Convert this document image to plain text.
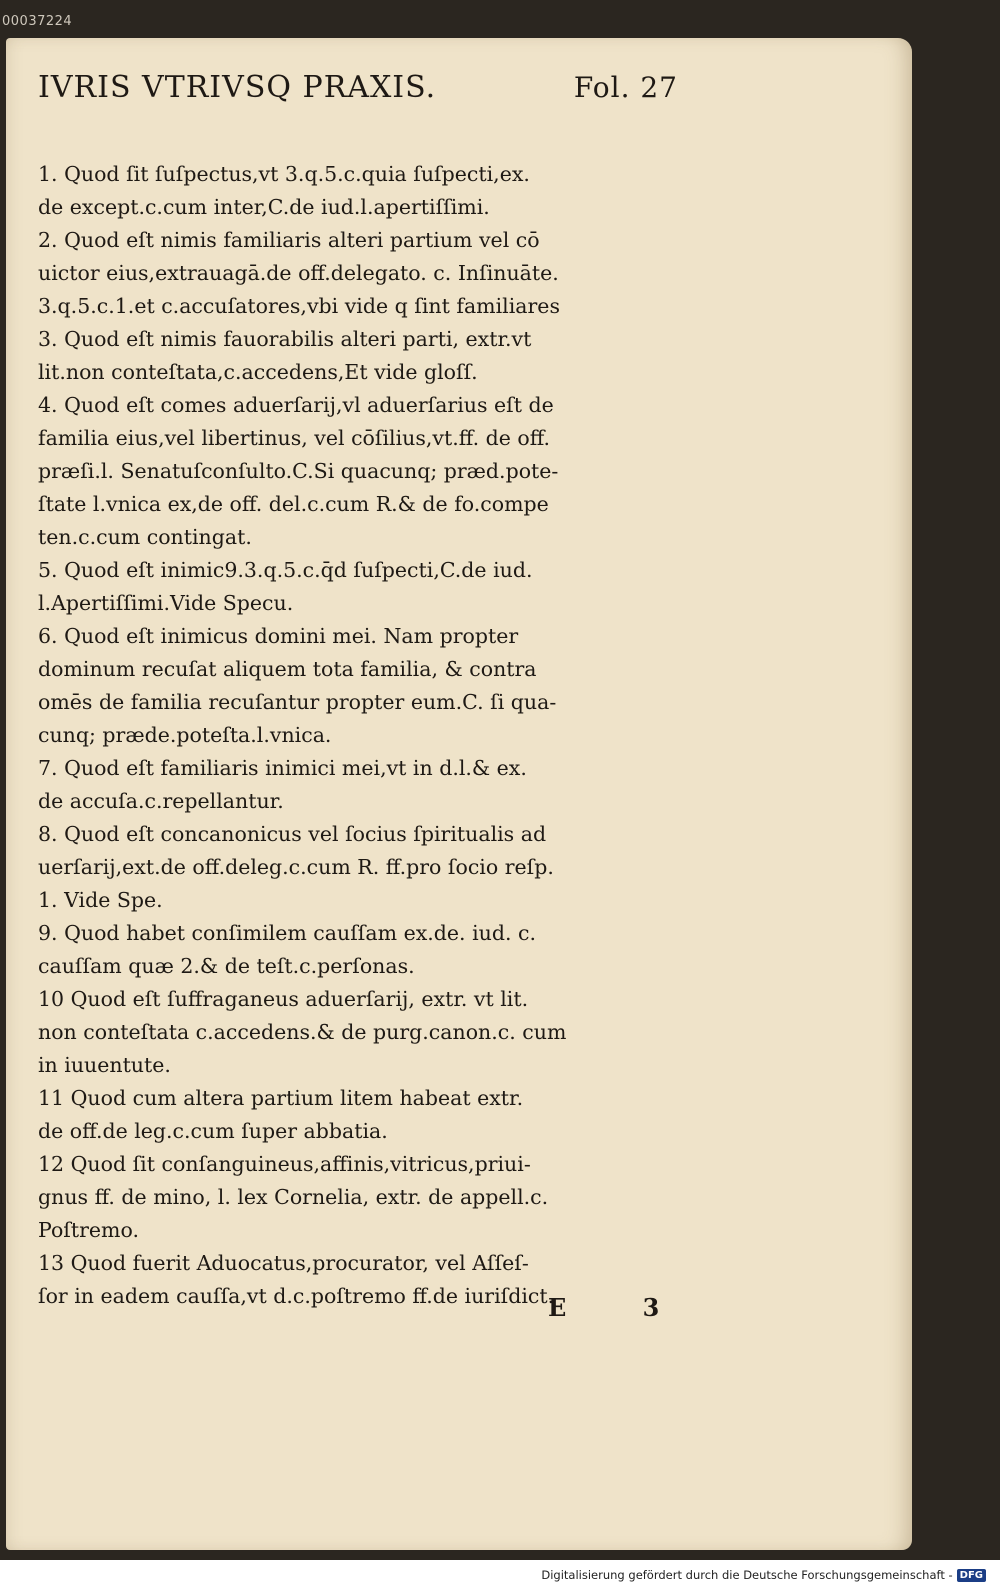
00037224
IVRIS VTRIVSQ PRAXIS.	Fol. 27
1. Quod ſit ſuſpectus,vt 3.q.5.c.quia ſuſpecti,ex.
de except.c.cum inter,C.de iud.l.apertiſſimi.
2. Quod eſt nimis familiaris alteri partium vel cō
uictor eius,extrauagā.de off.delegato. c. Inſinuāte.
3.q.5.c.1.et c.accuſatores,vbi vide q ſint familiares
3. Quod eſt nimis fauorabilis alteri parti, extr.vt
lit.non conteſtata,c.accedens,Et vide gloſſ.
4. Quod eſt comes aduerſarij,vl aduerſarius eſt de
familia eius,vel libertinus, vel cōſilius,vt.ff. de off.
præſi.l. Senatuſconſulto.C.Si quacunq; præd.pote-
ſtate l.vnica ex,de off. del.c.cum R.& de fo.compe
ten.c.cum contingat.
5. Quod eſt inimic9.3.q.5.c.q̄d ſuſpecti,C.de iud.
l.Apertiſſimi.Vide Specu.
6. Quod eſt inimicus domini mei. Nam propter
dominum recuſat aliquem tota familia, & contra
omēs de familia recuſantur propter eum.C. ſi qua-
cunq; præde.poteſta.l.vnica.
7. Quod eſt familiaris inimici mei,vt in d.l.& ex.
de accuſa.c.repellantur.
8. Quod eſt concanonicus vel ſocius ſpiritualis ad
uerſarij,ext.de off.deleg.c.cum R. ff.pro ſocio reſp.
1. Vide Spe.
9. Quod habet conſimilem cauſſam ex.de. iud. c.
cauſſam quæ 2.& de teſt.c.perſonas.
10 Quod eſt ſuffraganeus aduerſarij, extr. vt lit.
non conteſtata c.accedens.& de purg.canon.c. cum
in iuuentute.
11 Quod cum altera partium litem habeat extr.
de off.de leg.c.cum ſuper abbatia.
12 Quod ſit conſanguineus,affinis,vitricus,priui-
gnus ff. de mino, l. lex Cornelia, extr. de appell.c.
Poſtremo.
13 Quod fuerit Aduocatus,procurator, vel Aſſeſ-
ſor in eadem cauſſa,vt d.c.poſtremo ff.de iuriſdict.
E 3
Digitalisierung gefördert durch die Deutsche Forschungsgemeinschaft - DFG
